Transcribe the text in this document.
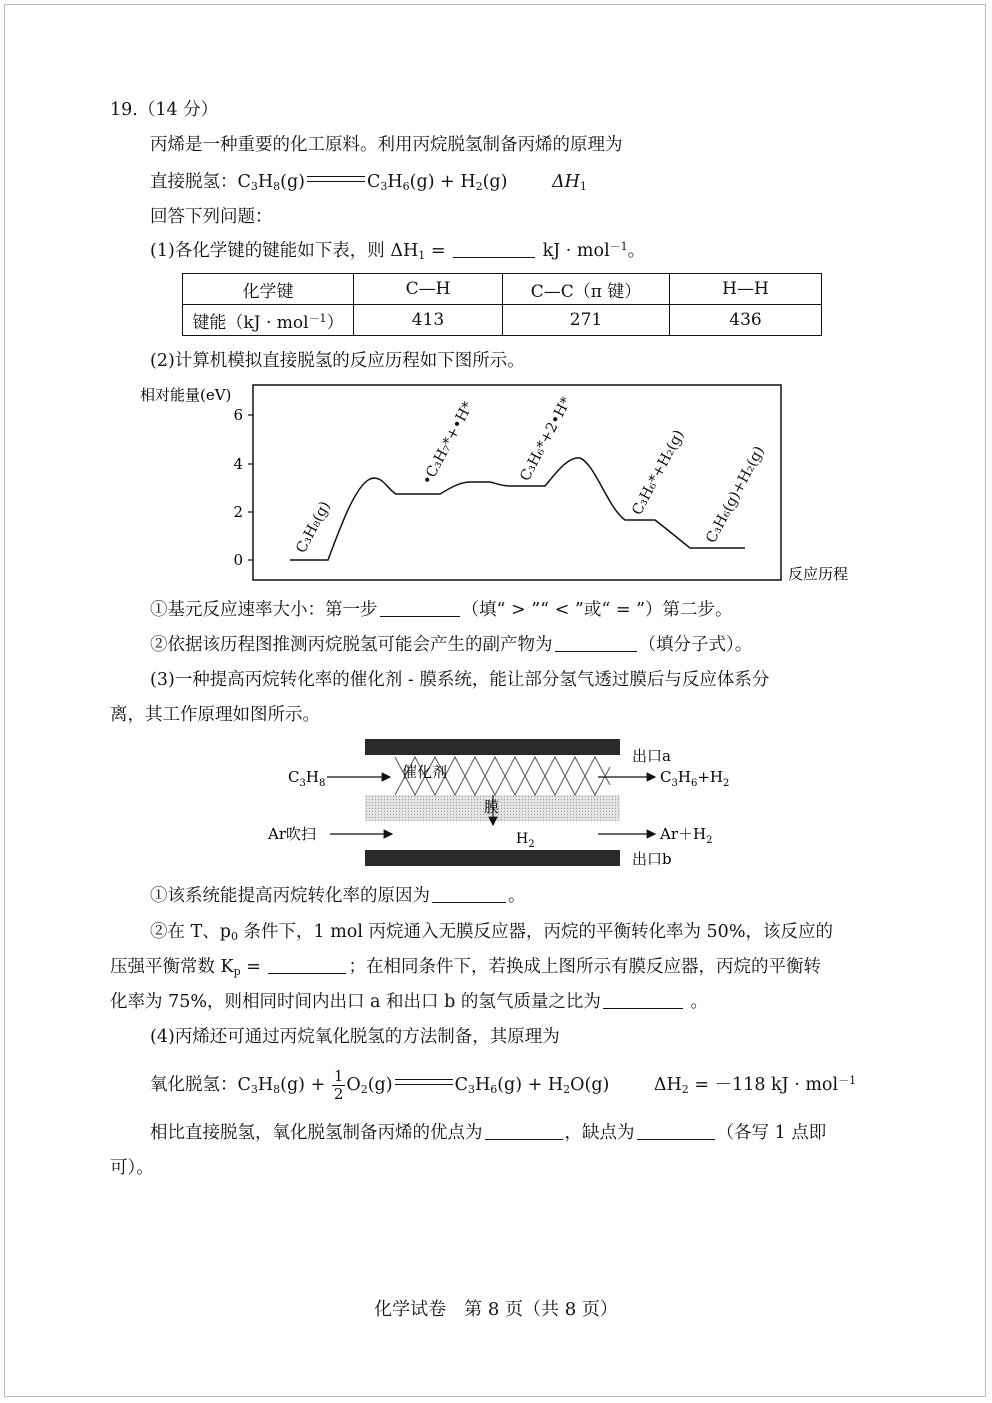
19.（14 分）
丙烯是一种重要的化工原料。利用丙烷脱氢制备丙烯的原理为
直接脱氢：$C_3H_8(g)$	$C_3H_6(g) + H_2(g)$        $\Delta H_1$
回答下列问题：
(1)各化学键的键能如下表，则 $\Delta H_1$ =	kJ · mol$^{-1}$。
化学键	C—H	C—C（π 键）	H—H
键能（kJ · mol$^{-1}$）	413	271	436
(2)计算机模拟直接脱氢的反应历程如下图所示。
相对能量(eV)
6
4
2
0
C₃H₈(g)
•C₃H₇*+•H*	C₃H₆*+2•H*	C₃H₆*+H₂(g) C₃H₆(g)+H₂(g)
反应历程
①基元反应速率大小：第一步	（填“ > ”“ < ”或“ = ”）第二步。
②依据该历程图推测丙烷脱氢可能会产生的副产物为	（填分子式）。
(3)一种提高丙烷转化率的催化剂 - 膜系统，能让部分氢气透过膜后与反应体系分
离，其工作原理如图所示。
催化剂
膜
$H_2$
$C_3H_8$
Ar吹扫
出口a
出口b
$C_3H_6+H_2$
$Ar+H_2$
①该系统能提高丙烷转化率的原因为	。
②在 T、$p_0$ 条件下，1 mol 丙烷通入无膜反应器，丙烷的平衡转化率为 50%，该反应的
压强平衡常数 $K_p$ =	；在相同条件下，若换成上图所示有膜反应器，丙烷的平衡转
化率为 75%，则相同时间内出口 a 和出口 b 的氢气质量之比为	。
(4)丙烯还可通过丙烷氧化脱氢的方法制备，其原理为
氧化脱氢：$C_3H_8(g) + \frac{1}{2} O_2(g)$	$C_3H_6(g) + H_2O(g)$        $\Delta H_2 = -118$ kJ · mol$^{-1}$
相比直接脱氢，氧化脱氢制备丙烯的优点为	，缺点为	（各写 1 点即
可）。
化学试卷　第 8 页（共 8 页）
